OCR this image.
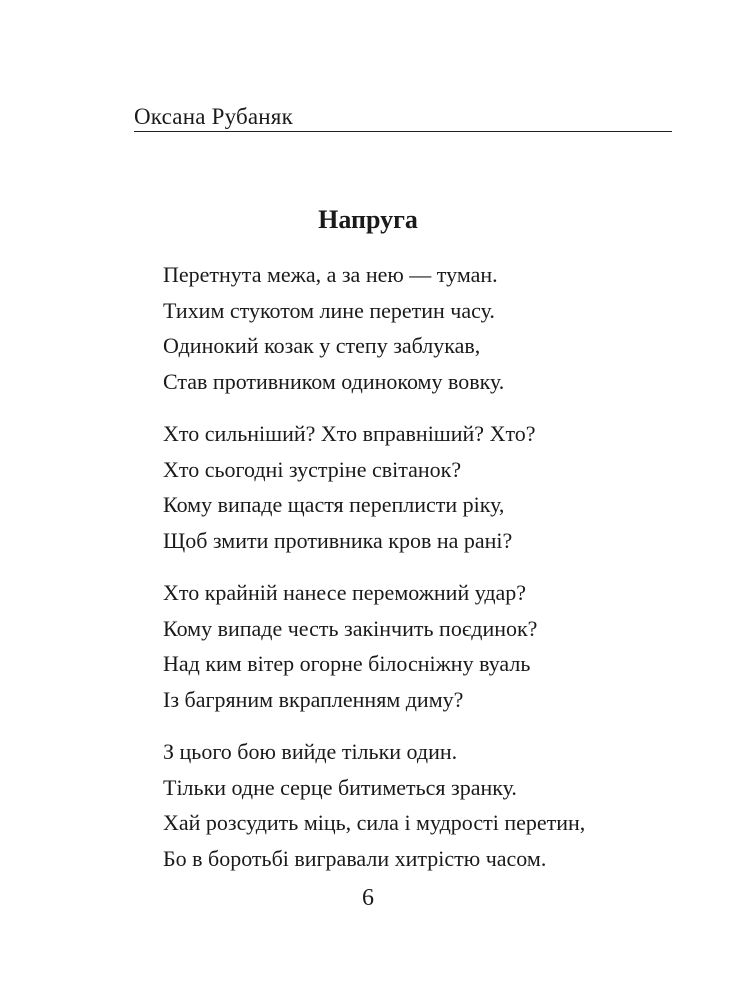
Оксана Рубаняк
Напруга
Перетнута межа, а за нею — туман.
Тихим стукотом лине перетин часу.
Одинокий козак у степу заблукав,
Став противником одинокому вовку.
Хто сильніший? Хто вправніший? Хто?
Хто сьогодні зустріне світанок?
Кому випаде щастя переплисти ріку,
Щоб змити противника кров на рані?
Хто крайній нанесе переможний удар?
Кому випаде честь закінчить поєдинок?
Над ким вітер огорне білосніжну вуаль
Із багряним вкрапленням диму?
З цього бою вийде тільки один.
Тільки одне серце битиметься зранку.
Хай розсудить міць, сила і мудрості перетин,
Бо в боротьбі вигравали хитрістю часом.
6
